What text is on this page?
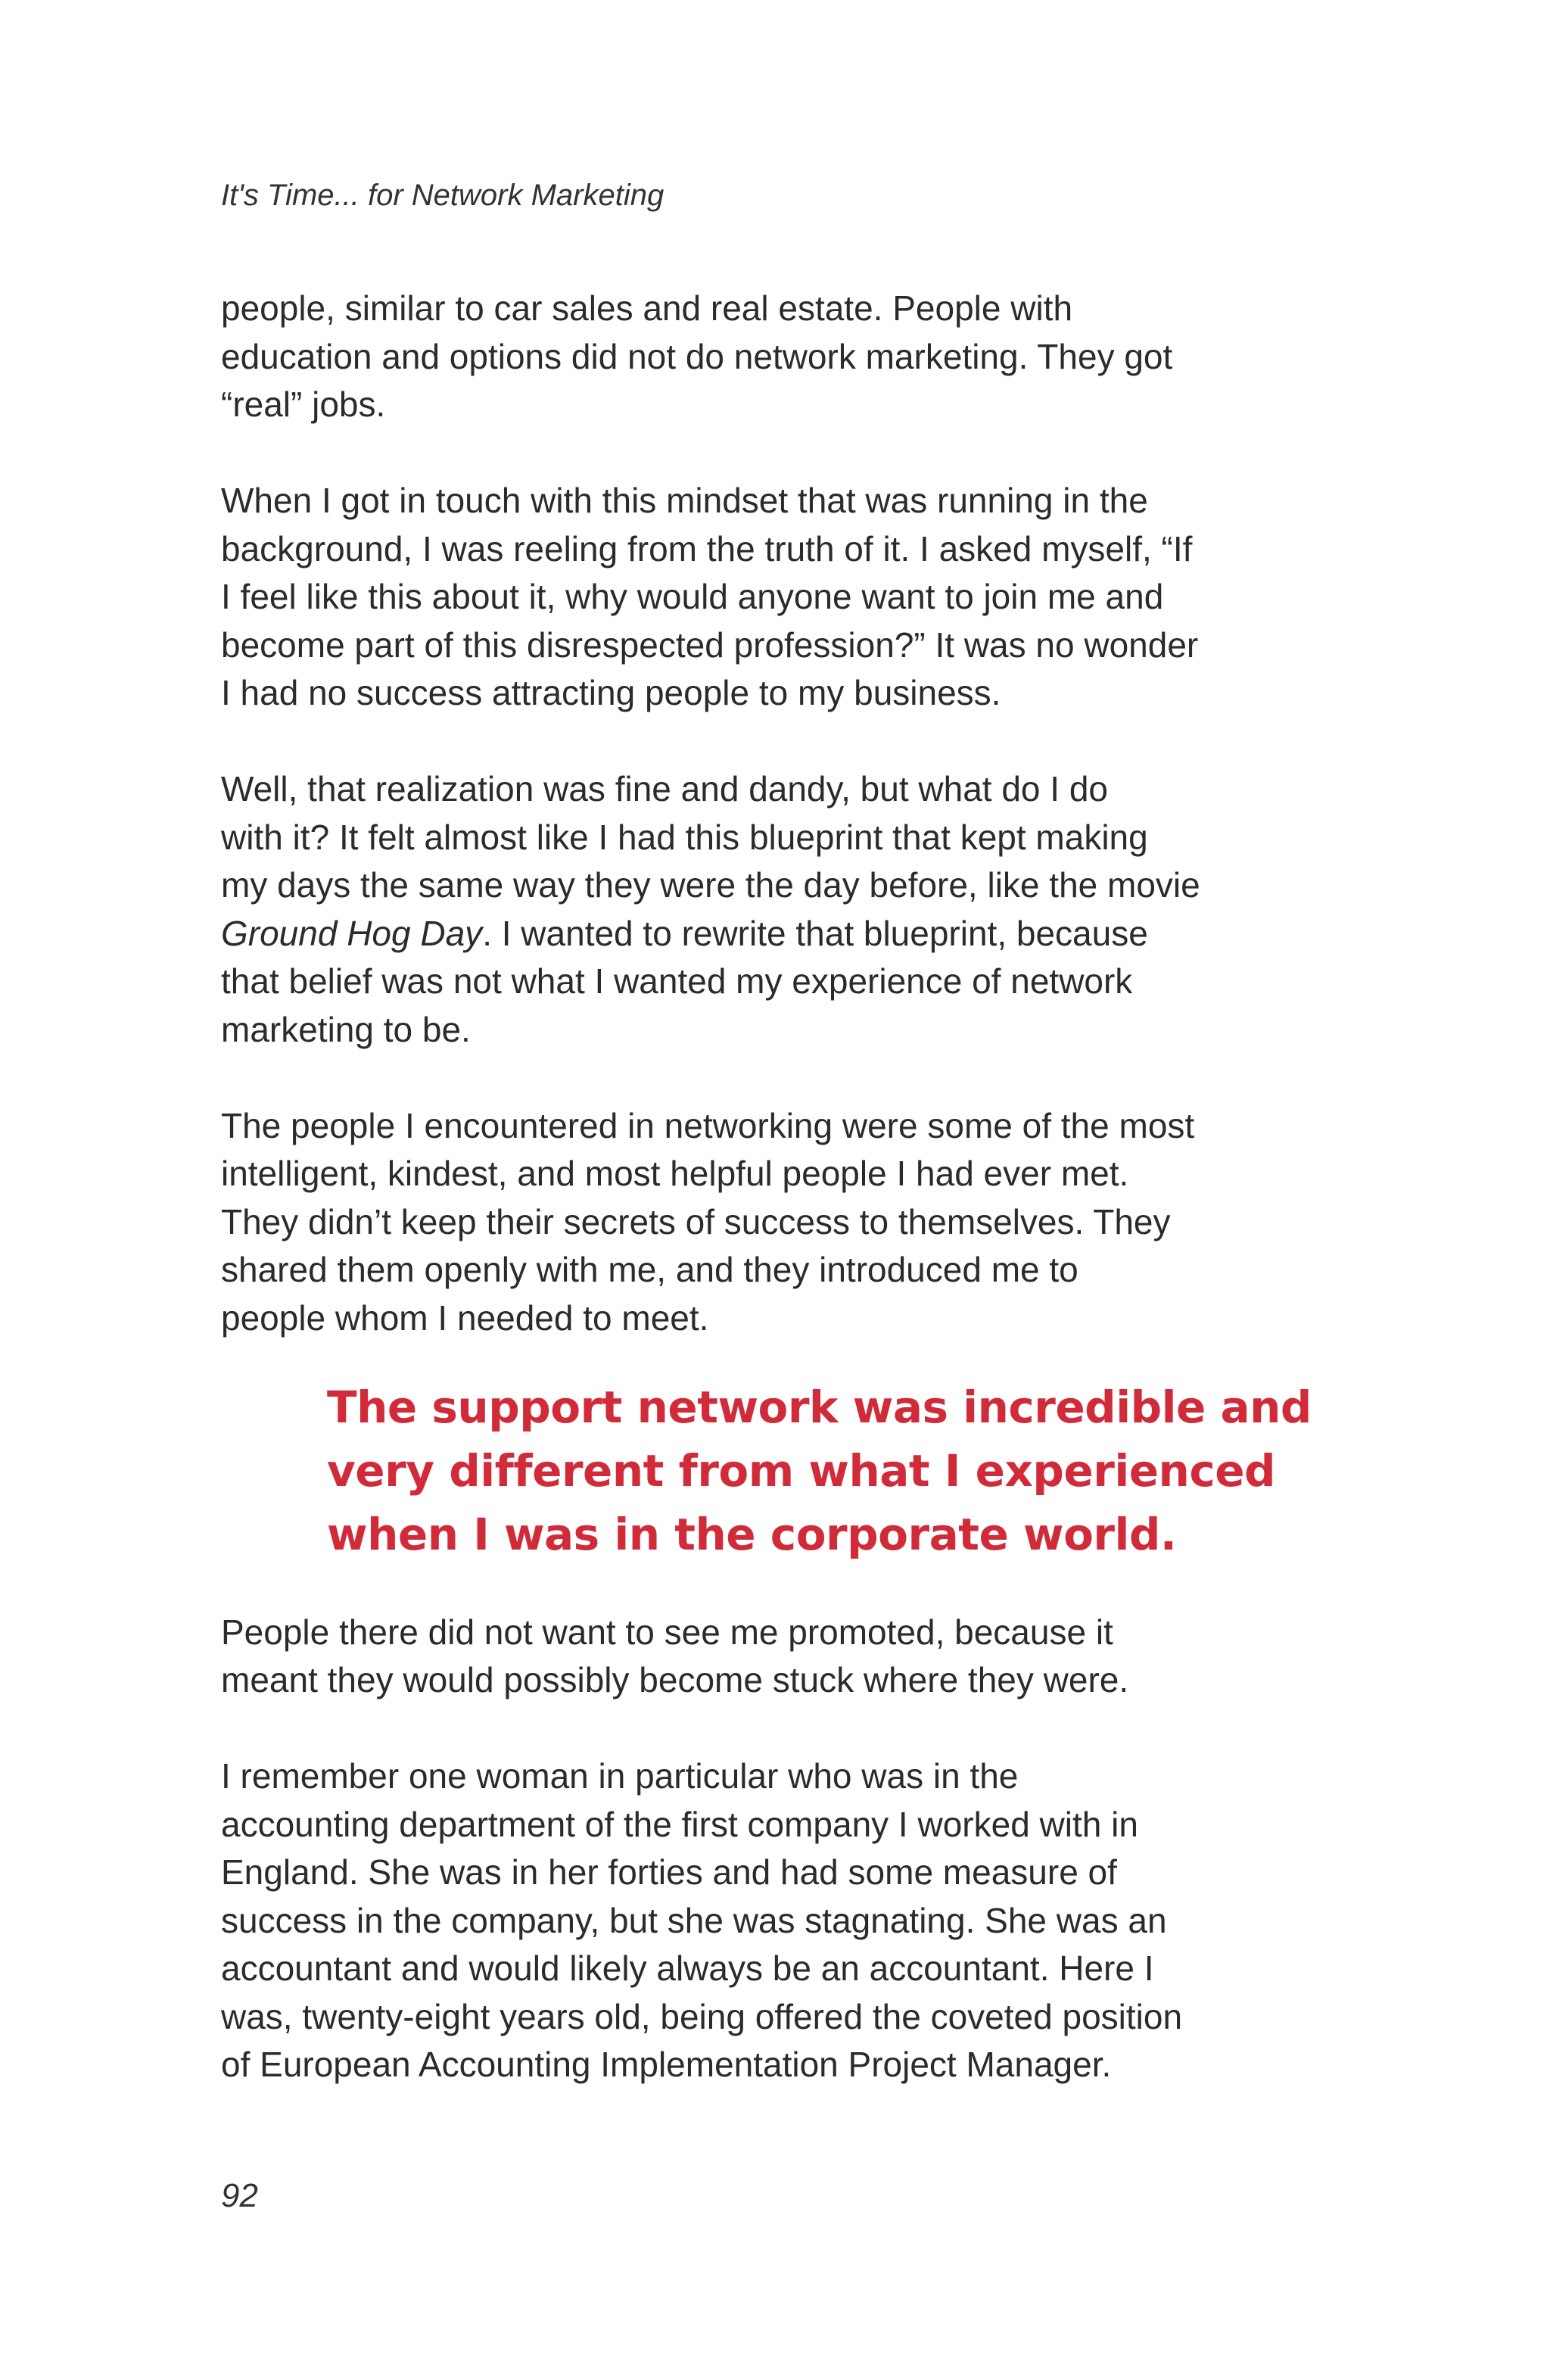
It's Time... for Network Marketing

people, similar to car sales and real estate. People with
education and options did not do network marketing. They got
“real” jobs.

When I got in touch with this mindset that was running in the
background, I was reeling from the truth of it. I asked myself, “If
I feel like this about it, why would anyone want to join me and
become part of this disrespected profession?” It was no wonder
I had no success attracting people to my business.

Well, that realization was fine and dandy, but what do I do
with it? It felt almost like I had this blueprint that kept making
my days the same way they were the day before, like the movie
Ground Hog Day. I wanted to rewrite that blueprint, because
that belief was not what I wanted my experience of network
marketing to be.

The people I encountered in networking were some of the most
intelligent, kindest, and most helpful people I had ever met.
They didn’t keep their secrets of success to themselves. They
shared them openly with me, and they introduced me to
people whom I needed to meet.

The support network was incredible and
very different from what I experienced
when I was in the corporate world.

People there did not want to see me promoted, because it
meant they would possibly become stuck where they were.

I remember one woman in particular who was in the
accounting department of the first company I worked with in
England. She was in her forties and had some measure of
success in the company, but she was stagnating. She was an
accountant and would likely always be an accountant. Here I
was, twenty-eight years old, being offered the coveted position
of European Accounting Implementation Project Manager.

92
